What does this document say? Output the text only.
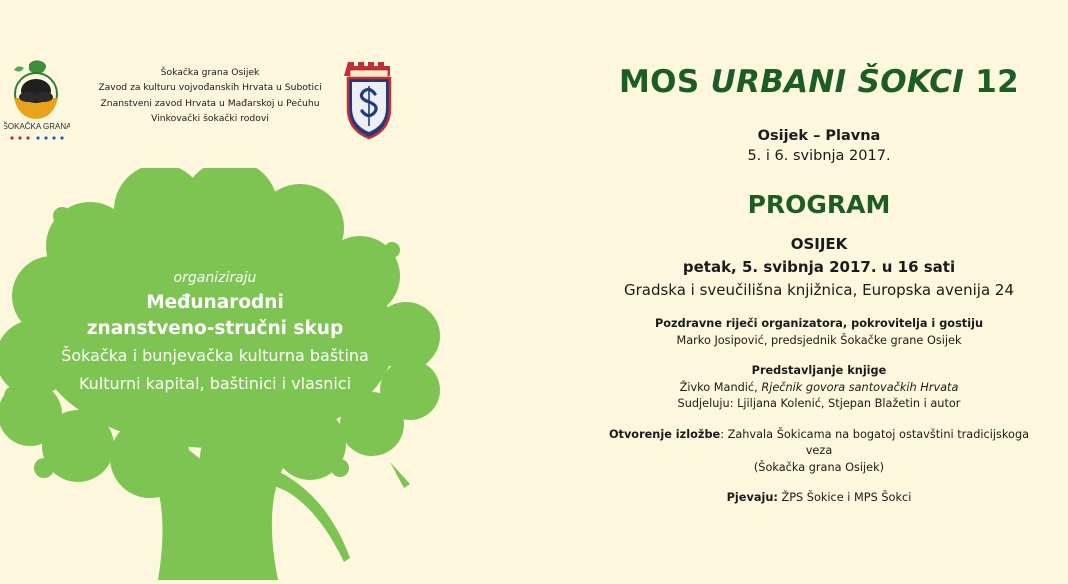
ŠOKAČKA GRANA
Šokačka grana Osijek
Zavod za kulturu vojvođanskih Hrvata u Subotici
Znanstveni zavod Hrvata u Mađarskoj u Pečuhu
Vinkovački šokački rodovi
organiziraju
Međunarodni
znanstveno-stručni skup
Šokačka i bunjevačka kulturna baština
Kulturni kapital, baštinici i vlasnici
MOS URBANI ŠOKCI 12
Osijek – Plavna
5. i 6. svibnja 2017.
PROGRAM
OSIJEK
petak, 5. svibnja 2017. u 16 sati
Gradska i sveučilišna knjižnica, Europska avenija 24
Pozdravne riječi organizatora, pokrovitelja i gostiju
Marko Josipović, predsjednik Šokačke grane Osijek
Predstavljanje knjige
Živko Mandić, Rječnik govora santovačkih Hrvata
Sudjeluju: Ljiljana Kolenić, Stjepan Blažetin i autor
Otvorenje izložbe: Zahvala Šokicama na bogatoj ostavštini tradicijskoga veza
(Šokačka grana Osijek)
Pjevaju: ŽPS Šokice i MPS Šokci
